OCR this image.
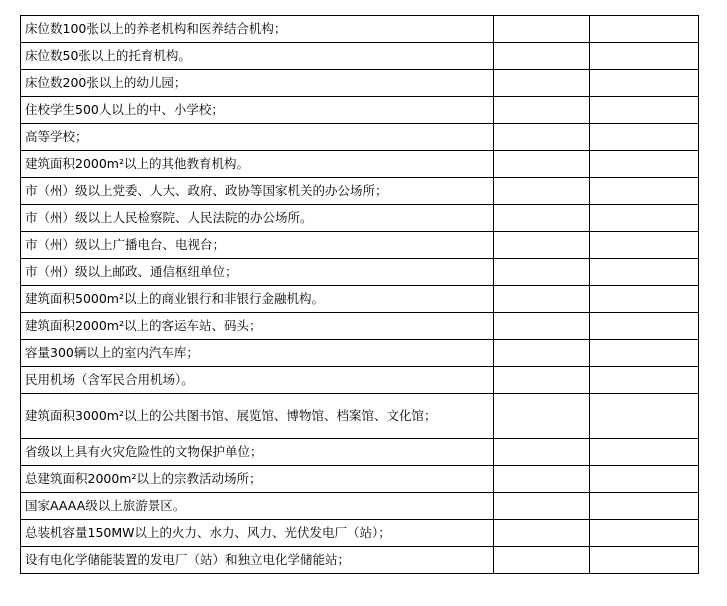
床位数100张以上的养老机构和医养结合机构；		
床位数50张以上的托育机构。		
床位数200张以上的幼儿园；		
住校学生500人以上的中、小学校；		
高等学校；		
建筑面积2000m²以上的其他教育机构。		
市（州）级以上党委、人大、政府、政协等国家机关的办公场所；		
市（州）级以上人民检察院、人民法院的办公场所。		
市（州）级以上广播电台、电视台；		
市（州）级以上邮政、通信枢纽单位；		
建筑面积5000m²以上的商业银行和非银行金融机构。		
建筑面积2000m²以上的客运车站、码头；		
容量300辆以上的室内汽车库；		
民用机场（含军民合用机场）。		
建筑面积3000m²以上的公共图书馆、展览馆、博物馆、档案馆、文化馆；		
省级以上具有火灾危险性的文物保护单位；		
总建筑面积2000m²以上的宗教活动场所；		
国家AAAA级以上旅游景区。		
总装机容量150MW以上的火力、水力、风力、光伏发电厂（站）；		
设有电化学储能装置的发电厂（站）和独立电化学储能站；		
